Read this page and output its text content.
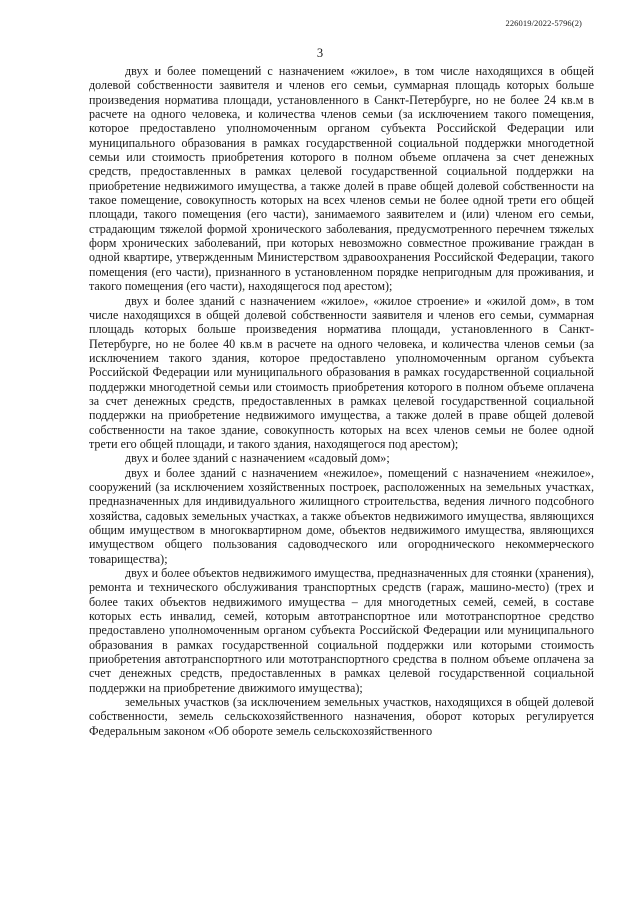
226019/2022-5796(2)
3

двух и более помещений с назначением «жилое», в том числе находящихся в общей долевой собственности заявителя и членов его семьи, суммарная площадь которых больше произведения норматива площади, установленного в Санкт-Петербурге, но не более 24 кв.м в расчете на одного человека, и количества членов семьи (за исключением такого помещения, которое предоставлено уполномоченным органом субъекта Российской Федерации или муниципального образования в рамках государственной социальной поддержки многодетной семьи или стоимость приобретения которого в полном объеме оплачена за счет денежных средств, предоставленных в рамках целевой государственной социальной поддержки на приобретение недвижимого имущества, а также долей в праве общей долевой собственности на такое помещение, совокупность которых на всех членов семьи не более одной трети его общей площади, такого помещения (его части), занимаемого заявителем и (или) членом его семьи, страдающим тяжелой формой хронического заболевания, предусмотренного перечнем тяжелых форм хронических заболеваний, при которых невозможно совместное проживание граждан в одной квартире, утвержденным Министерством здравоохранения Российской Федерации, такого помещения (его части), признанного в установленном порядке непригодным для проживания, и такого помещения (его части), находящегося под арестом);

двух и более зданий с назначением «жилое», «жилое строение» и «жилой дом», в том числе находящихся в общей долевой собственности заявителя и членов его семьи, суммарная площадь которых больше произведения норматива площади, установленного в Санкт-Петербурге, но не более 40 кв.м в расчете на одного человека, и количества членов семьи (за исключением такого здания, которое предоставлено уполномоченным органом субъекта Российской Федерации или муниципального образования в рамках государственной социальной поддержки многодетной семьи или стоимость приобретения которого в полном объеме оплачена за счет денежных средств, предоставленных в рамках целевой государственной социальной поддержки на приобретение недвижимого имущества, а также долей в праве общей долевой собственности на такое здание, совокупность которых на всех членов семьи не более одной трети его общей площади, и такого здания, находящегося под арестом);

двух и более зданий с назначением «садовый дом»;

двух и более зданий с назначением «нежилое», помещений с назначением «нежилое», сооружений (за исключением хозяйственных построек, расположенных на земельных участках, предназначенных для индивидуального жилищного строительства, ведения личного подсобного хозяйства, садовых земельных участках, а также объектов недвижимого имущества, являющихся общим имуществом в многоквартирном доме, объектов недвижимого имущества, являющихся имуществом общего пользования садоводческого или огороднического некоммерческого товарищества);

двух и более объектов недвижимого имущества, предназначенных для стоянки (хранения), ремонта и технического обслуживания транспортных средств (гараж, машино-место) (трех и более таких объектов недвижимого имущества – для многодетных семей, семей, в составе которых есть инвалид, семей, которым автотранспортное или мототранспортное средство предоставлено уполномоченным органом субъекта Российской Федерации или муниципального образования в рамках государственной социальной поддержки или которыми стоимость приобретения автотранспортного или мототранспортного средства в полном объеме оплачена за счет денежных средств, предоставленных в рамках целевой государственной социальной поддержки на приобретение движимого имущества);

земельных участков (за исключением земельных участков, находящихся в общей долевой собственности, земель сельскохозяйственного назначения, оборот которых регулируется Федеральным законом «Об обороте земель сельскохозяйственного
